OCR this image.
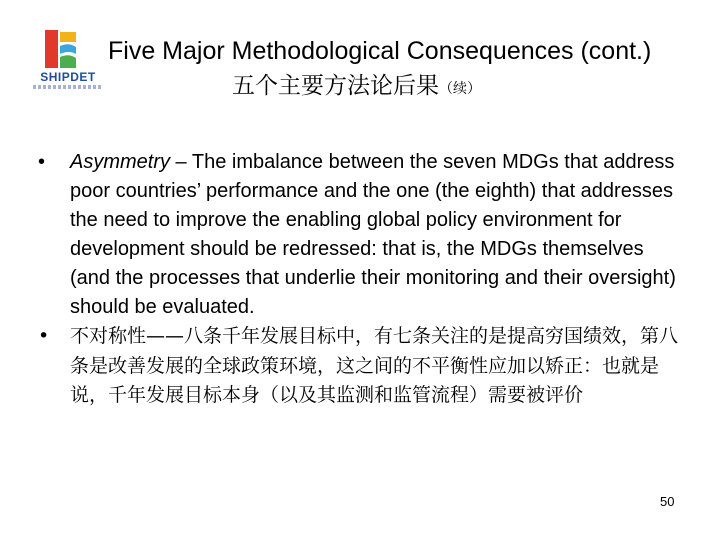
SHIPDET
Five Major Methodological Consequences (cont.)
五个主要方法论后果（续）
• Asymmetry – The imbalance between the seven MDGs that address poor countries’ performance and the one (the eighth) that addresses the need to improve the enabling global policy environment for development should be redressed: that is, the MDGs themselves (and the processes that underlie their monitoring and their oversight) should be evaluated.
• 不对称性——八条千年发展目标中，有七条关注的是提高穷国绩效，第八条是改善发展的全球政策环境，这之间的不平衡性应加以矫正：也就是说，千年发展目标本身（以及其监测和监管流程）需要被评价
50
